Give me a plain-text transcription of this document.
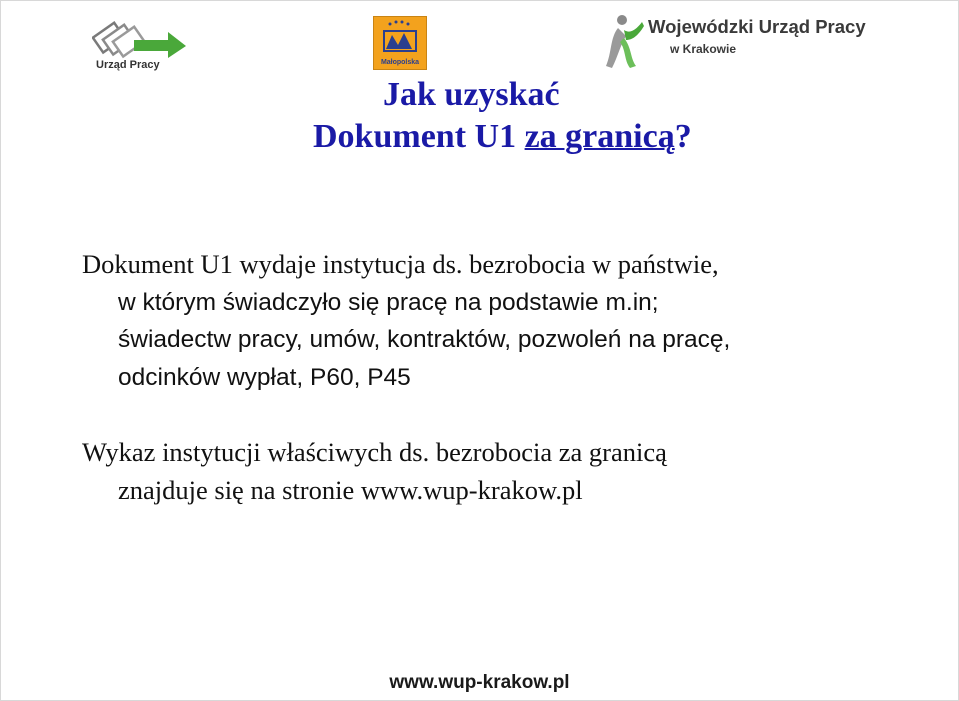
Urząd Pracy	Małopolska
Wojewódzki Urząd Pracy
w Krakowie
Jak uzyskać
Dokument U1 za granicą?
Dokument U1 wydaje instytucja ds. bezrobocia w państwie,
w którym świadczyło się pracę na podstawie m.in;
świadectw pracy, umów, kontraktów, pozwoleń na pracę,
odcinków wypłat, P60, P45
Wykaz instytucji właściwych ds. bezrobocia za granicą
znajduje się na stronie www.wup-krakow.pl
www.wup-krakow.pl
